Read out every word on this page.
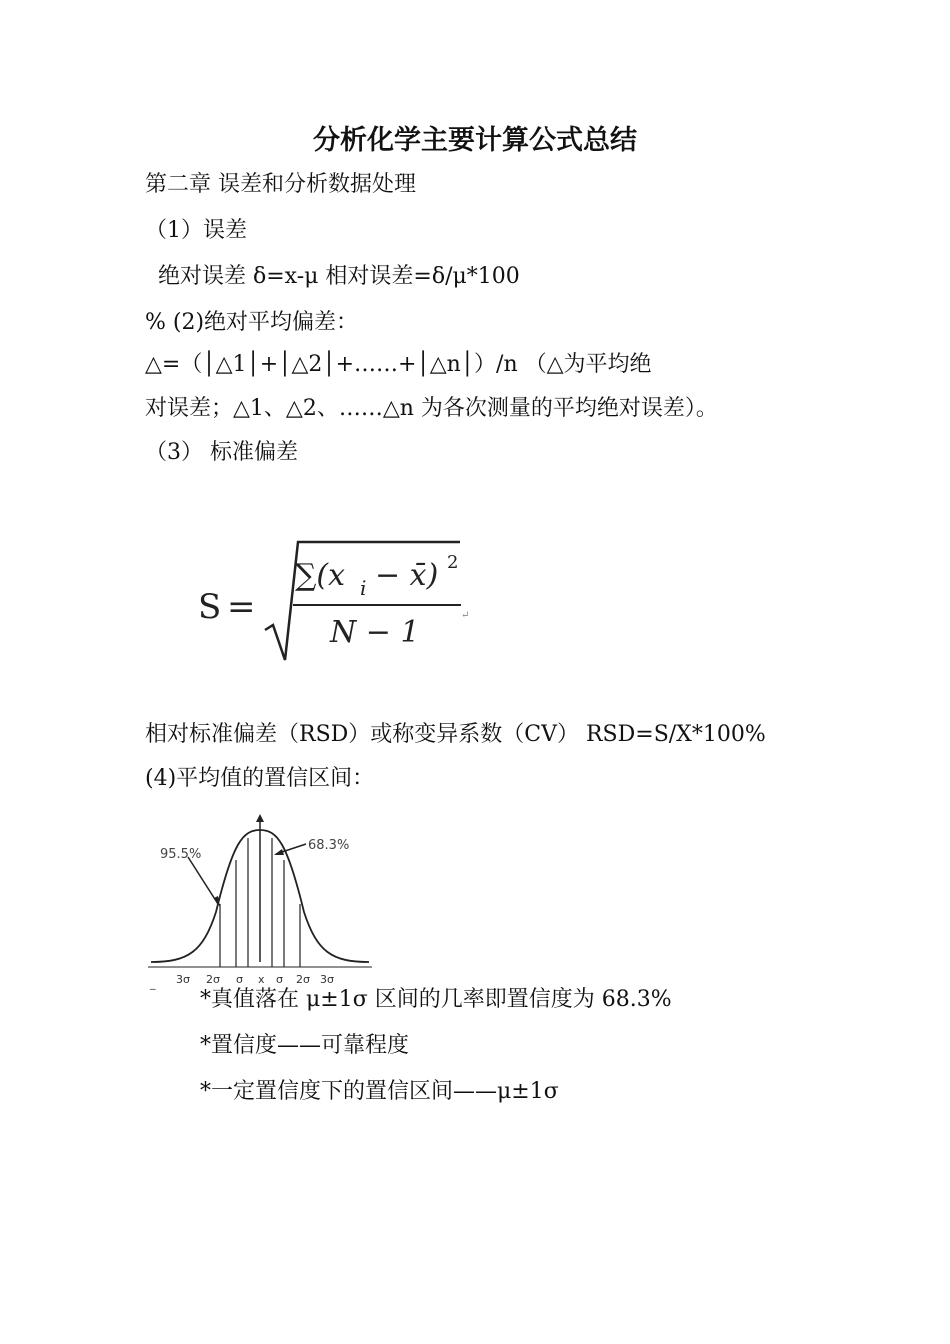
分析化学主要计算公式总结
第二章 误差和分析数据处理
（1）误差
绝对误差 δ=x-μ 相对误差=δ/μ*100
% (2)绝对平均偏差：
△=（│△1│+│△2│+……+│△n│）/n （△为平均绝
对误差；△1、△2、……△n 为各次测量的平均绝对误差）。
（3） 标准偏差
S =
∑(x i − x̄) 2
N − 1	↵
相对标准偏差（RSD）或称变异系数（CV） RSD=S/X*100%
(4)平均值的置信区间：
95.5%
68.3%
3σ 2σ σ x σ 2σ 3σ
_
*真值落在 μ±1σ 区间的几率即置信度为 68.3%
*置信度——可靠程度
*一定置信度下的置信区间——μ±1σ
